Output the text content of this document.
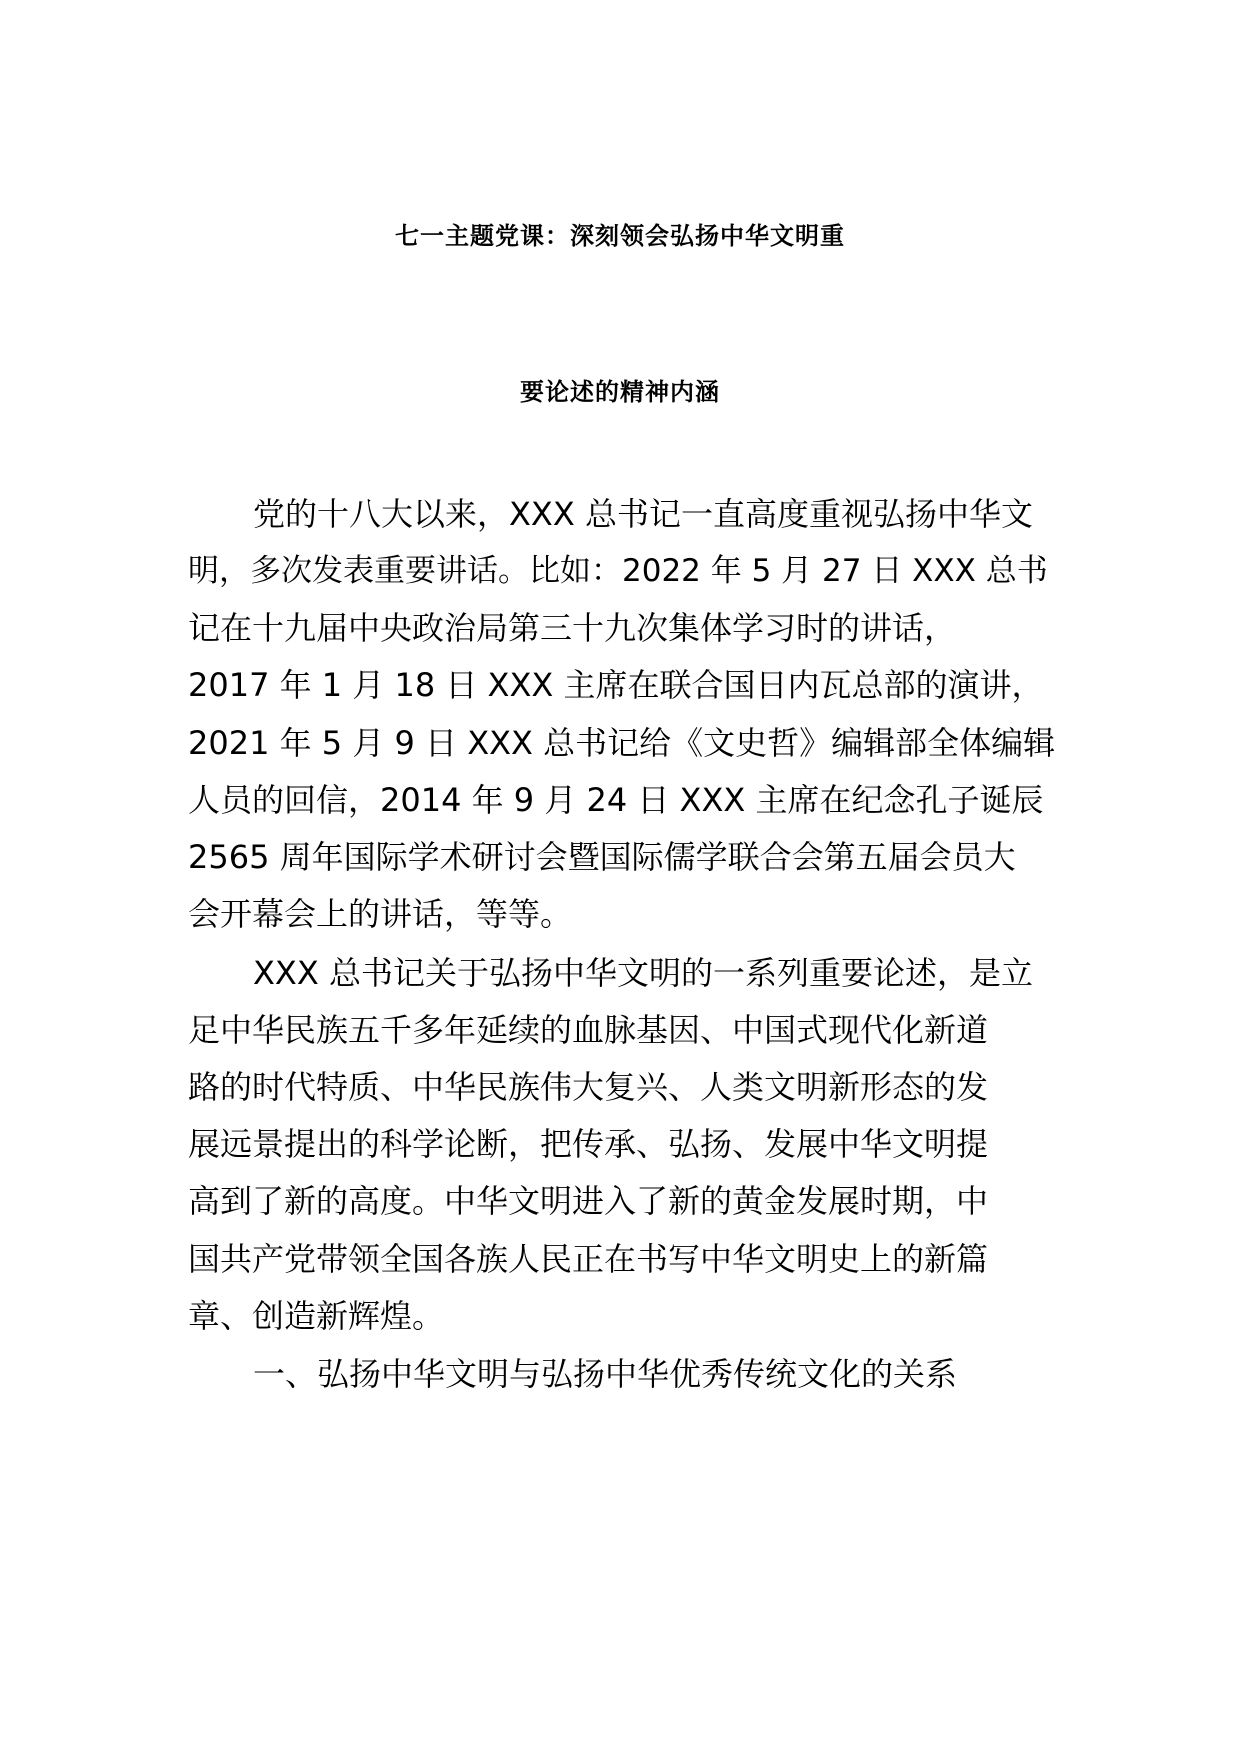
七一主题党课：深刻领会弘扬中华文明重
要论述的精神内涵
党的十八大以来，XXX 总书记一直高度重视弘扬中华文
明，多次发表重要讲话。比如：2022 年 5 月 27 日 XXX 总书
记在十九届中央政治局第三十九次集体学习时的讲话，
2017 年 1 月 18 日 XXX 主席在联合国日内瓦总部的演讲，
2021 年 5 月 9 日 XXX 总书记给《文史哲》编辑部全体编辑
人员的回信，2014 年 9 月 24 日 XXX 主席在纪念孔子诞辰
2565 周年国际学术研讨会暨国际儒学联合会第五届会员大
会开幕会上的讲话，等等。
XXX 总书记关于弘扬中华文明的一系列重要论述，是立
足中华民族五千多年延续的血脉基因、中国式现代化新道
路的时代特质、中华民族伟大复兴、人类文明新形态的发
展远景提出的科学论断，把传承、弘扬、发展中华文明提
高到了新的高度。中华文明进入了新的黄金发展时期，中
国共产党带领全国各族人民正在书写中华文明史上的新篇
章、创造新辉煌。
一、弘扬中华文明与弘扬中华优秀传统文化的关系
